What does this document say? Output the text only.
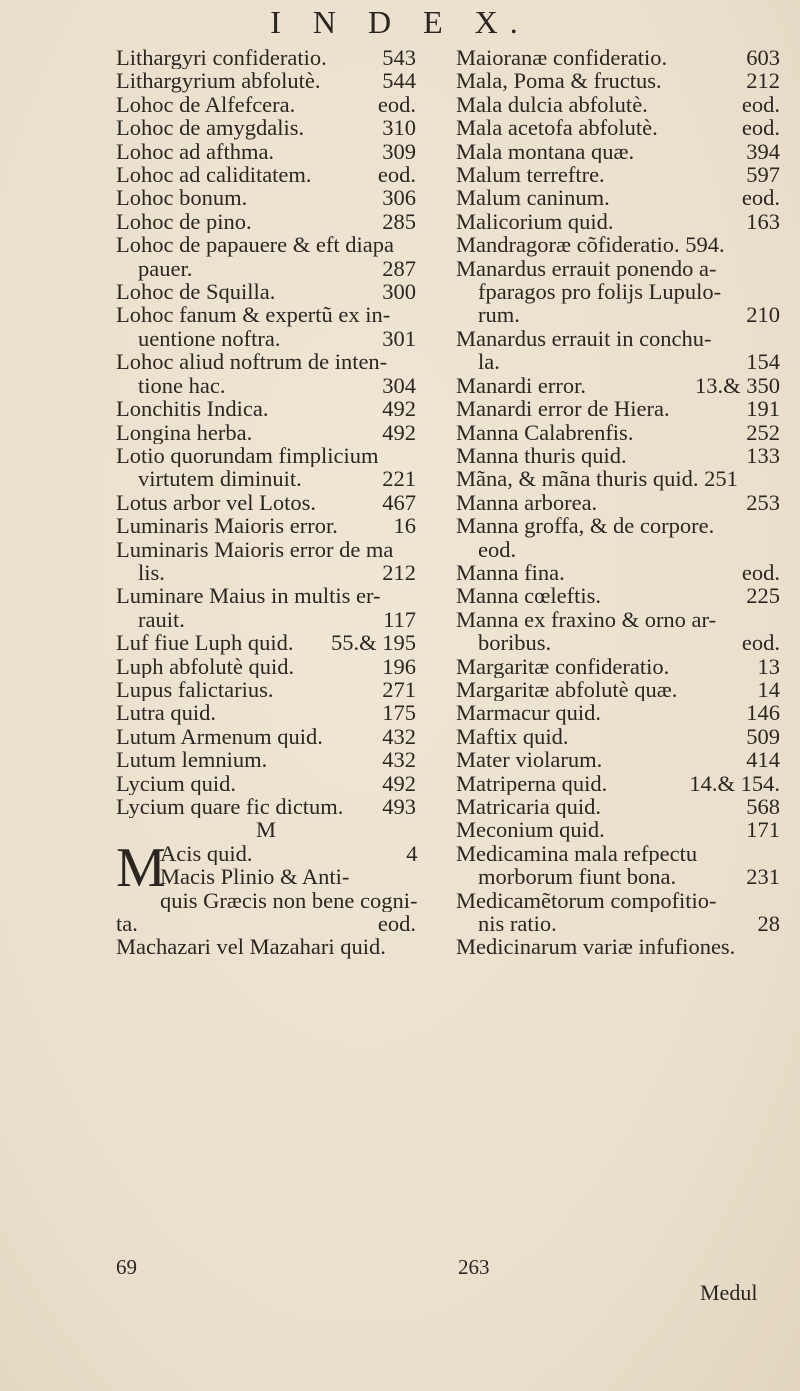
I N D E X.
Lithargyri confideratio. 543
Lithargyrium abfolutè.	544
Lohoc de Alfefcera.	eod.
Lohoc de amygdalis.	310
Lohoc ad afthma.	309
Lohoc ad caliditatem.	eod.
Lohoc bonum.	306
Lohoc de pino.	285
Lohoc de papauere & eft diapa
pauer.	287
Lohoc de Squilla.	300
Lohoc fanum & expertũ ex in-
uentione noftra.	301
Lohoc aliud noftrum de inten-
tione hac.	304
Lonchitis Indica.	492
Longina herba.	492
Lotio quorundam fimplicium
virtutem diminuit.	221
Lotus arbor vel Lotos.	467
Luminaris Maioris error. 16
Luminaris Maioris error de ma
lis.	212
Luminare Maius in multis er-
rauit.	117
Luf fiue Luph quid. 55.& 195
Luph abfolutè quid.	196
Lupus falictarius.	271
Lutra quid.	175
Lutum Armenum quid.	432
Lutum lemnium.	432
Lycium quid.	492
Lycium quare fic dictum. 493
M
M
Acis quid.	4
Macis Plinio & Anti-
quis Græcis non bene cogni-
ta.	eod.
Machazari vel Mazahari quid.
Maioranæ confideratio.	603
Mala, Poma & fructus.	212
Mala dulcia abfolutè.	eod.
Mala acetofa abfolutè.	eod.
Mala montana quæ.	394
Malum terreftre.	597
Malum caninum.	eod.
Malicorium quid.	163
Mandragoræ cõfideratio. 594.
Manardus errauit ponendo a-
fparagos pro folijs Lupulo-
rum.	210
Manardus errauit in conchu-
la.	154
Manardi error.	13.& 350
Manardi error de Hiera.	191
Manna Calabrenfis.	252
Manna thuris quid.	133
Mãna, & mãna thuris quid. 251
Manna arborea.	253
Manna groffa, & de corpore.
eod.
Manna fina.	eod.
Manna cœleftis.	225
Manna ex fraxino & orno ar-
boribus.	eod.
Margaritæ confideratio.	13
Margaritæ abfolutè quæ.	14
Marmacur quid.	146
Maftix quid.	509
Mater violarum.	414
Matriperna quid.	14.& 154.
Matricaria quid.	568
Meconium quid.	171
Medicamina mala refpectu
morborum fiunt bona.	231
Medicamẽtorum compofitio-
nis ratio.	28
Medicinarum variæ infufiones.
69	263
Medul
